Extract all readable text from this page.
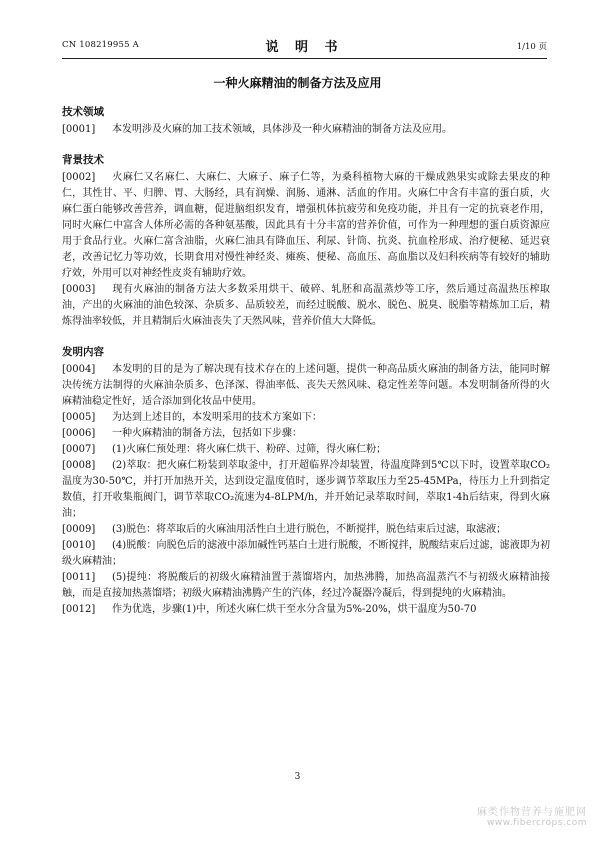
CN 108219955 A	说 明 书	1/10 页
一种火麻精油的制备方法及应用
技术领域

[0001] 本发明涉及火麻的加工技术领域，具体涉及一种火麻精油的制备方法及应用。

背景技术

[0002] 火麻仁又名麻仁、大麻仁、大麻子、麻子仁等，为桑科植物大麻的干燥成熟果实或除去果皮的种仁，其性甘、平、归脾、胃、大肠经，具有润燥、润肠、通淋、活血的作用。火麻仁中含有丰富的蛋白质，火麻仁蛋白能够改善营养，调血糖，促进脑组织发育，增强机体抗疲劳和免疫功能，并且有一定的抗衰老作用，同时火麻仁中富含人体所必需的各种氨基酸，因此具有十分丰富的营养价值，可作为一种理想的蛋白质资源应用于食品行业。火麻仁富含油脂，火麻仁油具有降血压、利尿、针筒、抗炎、抗血栓形成、治疗便秘、延迟衰老，改善记忆力等功效，长期食用对慢性神经炎、瘫痪、便秘、高血压、高血脂以及妇科疾病等有较好的辅助疗效，外用可以对神经性皮炎有辅助疗效。

[0003] 现有火麻油的制备方法大多数采用烘干、破碎、轧胚和高温蒸炒等工序，然后通过高温热压榨取油，产出的火麻油的油色较深、杂质多、品质较差，而经过脱酸、脱水、脱色、脱臭、脱脂等精炼加工后，精炼得油率较低，并且精制后火麻油丧失了天然风味，营养价值大大降低。

发明内容

[0004] 本发明的目的是为了解决现有技术存在的上述问题，提供一种高品质火麻油的制备方法，能同时解决传统方法制得的火麻油杂质多、色泽深、得油率低、丧失天然风味、稳定性差等问题。本发明制备所得的火麻精油稳定性好，适合添加到化妆品中使用。

[0005] 为达到上述目的，本发明采用的技术方案如下：

[0006] 一种火麻精油的制备方法，包括如下步骤：

[0007] (1)火麻仁预处理：将火麻仁烘干、粉碎、过筛，得火麻仁粉；

[0008] (2)萃取：把火麻仁粉装到萃取釜中，打开超临界冷却装置，待温度降到5℃以下时，设置萃取CO₂温度为30-50℃，并打开加热开关，达到设定温度值时，逐步调节萃取压力至25-45MPa，待压力上升到指定数值，打开收集瓶阀门，调节萃取CO₂流速为4-8LPM/h，并开始记录萃取时间，萃取1-4h后结束，得到火麻油；

[0009] (3)脱色：将萃取后的火麻油用活性白土进行脱色，不断搅拌，脱色结束后过滤，取滤液；

[0010] (4)脱酸：向脱色后的滤液中添加碱性钙基白土进行脱酸，不断搅拌，脱酸结束后过滤，滤液即为初级火麻精油；

[0011] (5)提纯：将脱酸后的初级火麻精油置于蒸馏塔内，加热沸腾，加热高温蒸汽不与初级火麻精油接触，而是直接加热蒸馏塔；初级火麻精油沸腾产生的汽体，经过冷凝器冷凝后，得到提纯的火麻精油。

[0012] 作为优选，步骤(1)中，所述火麻仁烘干至水分含量为5%-20%，烘干温度为50-70

3
麻类作物营养与施肥网
www.fibercrops.com
